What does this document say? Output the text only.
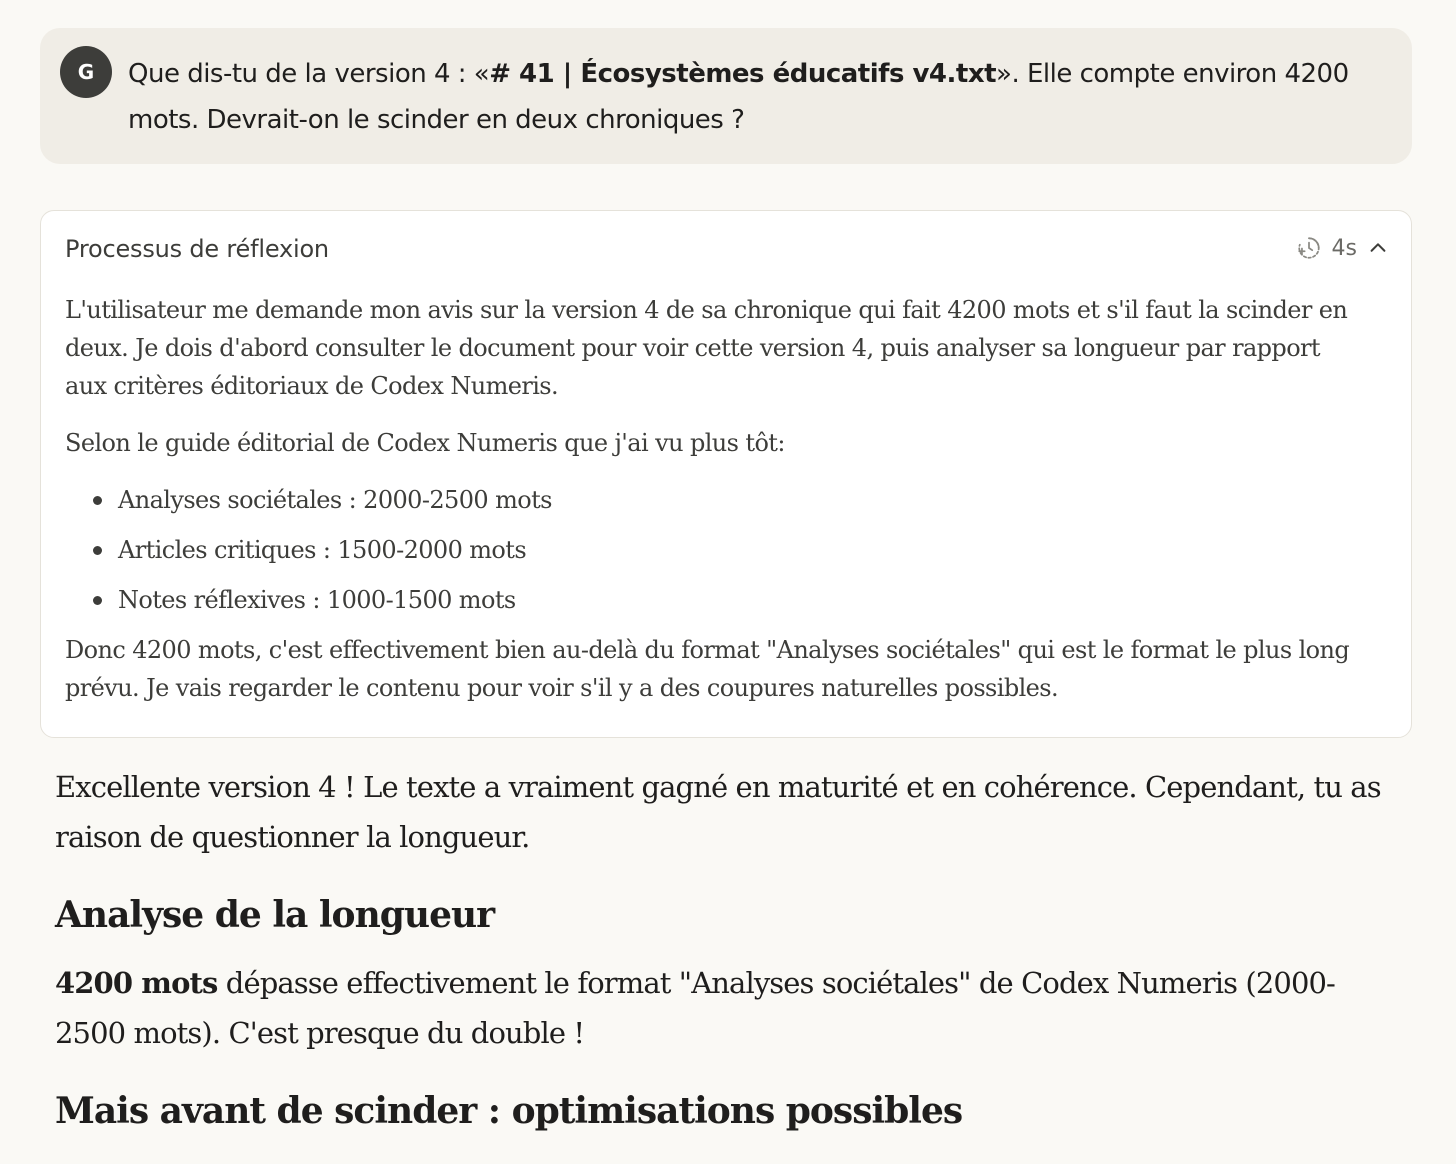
G	Que dis-tu de la version 4 : «# 41 | Écosystèmes éducatifs v4.txt». Elle compte environ 4200 mots. Devrait-on le scinder en deux chroniques ?
Processus de réflexion	4s

L'utilisateur me demande mon avis sur la version 4 de sa chronique qui fait 4200 mots et s'il faut la scinder en deux. Je dois d'abord consulter le document pour voir cette version 4, puis analyser sa longueur par rapport aux critères éditoriaux de Codex Numeris.

Selon le guide éditorial de Codex Numeris que j'ai vu plus tôt:

Analyses sociétales : 2000-2500 mots
Articles critiques : 1500-2000 mots
Notes réflexives : 1000-1500 mots

Donc 4200 mots, c'est effectivement bien au-delà du format "Analyses sociétales" qui est le format le plus long prévu. Je vais regarder le contenu pour voir s'il y a des coupures naturelles possibles.

Excellente version 4 ! Le texte a vraiment gagné en maturité et en cohérence. Cependant, tu as raison de questionner la longueur.

Analyse de la longueur

4200 mots dépasse effectivement le format "Analyses sociétales" de Codex Numeris (2000-2500 mots). C'est presque du double !

Mais avant de scinder : optimisations possibles
